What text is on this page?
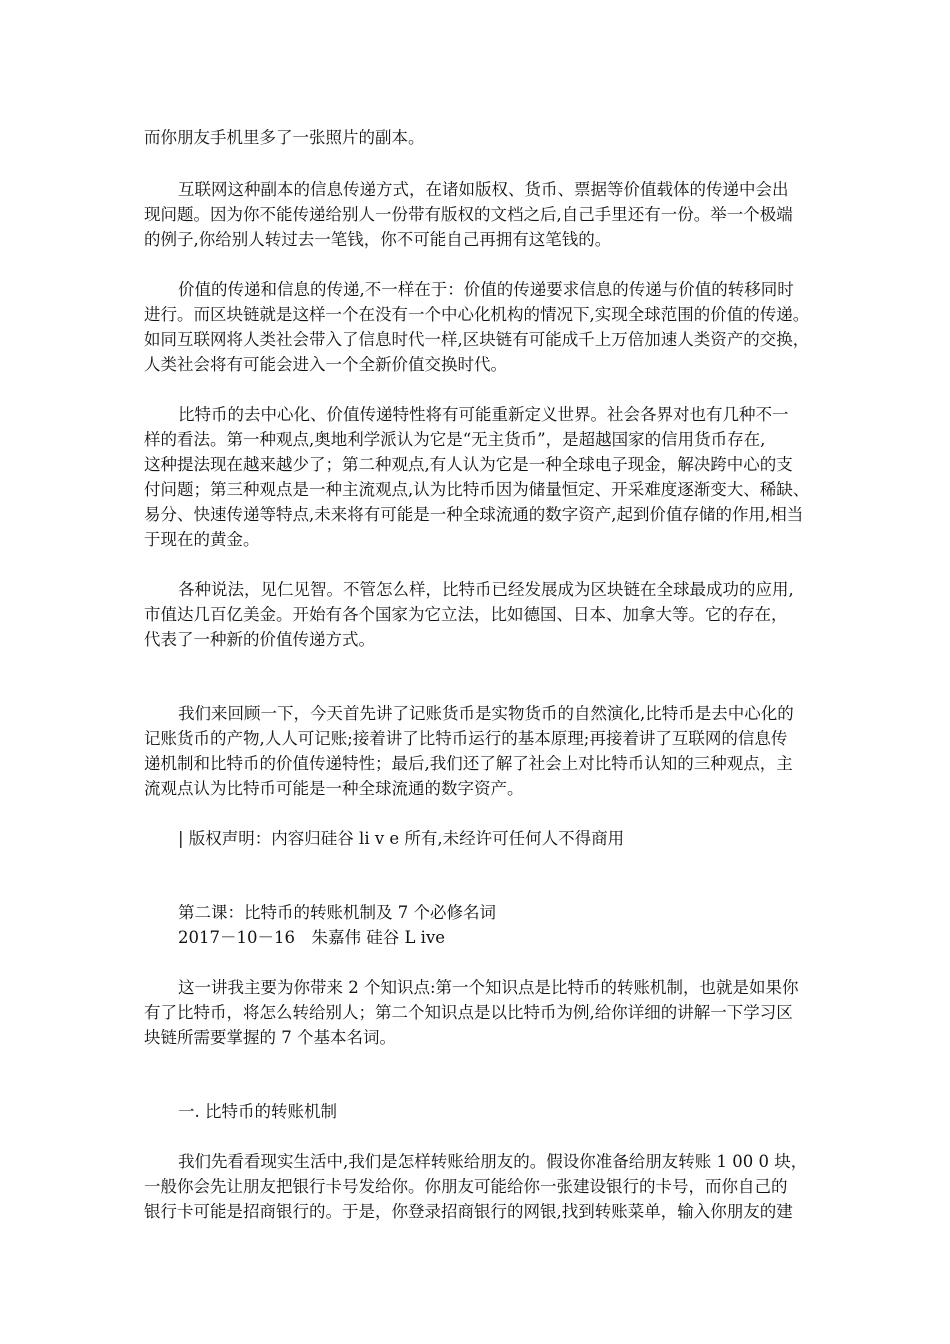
而你朋友手机里多了一张照片的副本。
互联网这种副本的信息传递方式，在诸如版权、货币、票据等价值载体的传递中会出
现问题。因为你不能传递给别人一份带有版权的文档之后,自己手里还有一份。举一个极端
的例子,你给别人转过去一笔钱，你不可能自己再拥有这笔钱的。
价值的传递和信息的传递,不一样在于：价值的传递要求信息的传递与价值的转移同时
进行。而区块链就是这样一个在没有一个中心化机构的情况下,实现全球范围的价值的传递。
如同互联网将人类社会带入了信息时代一样,区块链有可能成千上万倍加速人类资产的交换，
人类社会将有可能会进入一个全新价值交换时代。
比特币的去中心化、价值传递特性将有可能重新定义世界。社会各界对也有几种不一
样的看法。第一种观点,奥地利学派认为它是“无主货币”，是超越国家的信用货币存在,
这种提法现在越来越少了；第二种观点,有人认为它是一种全球电子现金，解决跨中心的支
付问题；第三种观点是一种主流观点,认为比特币因为储量恒定、开采难度逐渐变大、稀缺、
易分、快速传递等特点,未来将有可能是一种全球流通的数字资产,起到价值存储的作用,相当
于现在的黄金。
各种说法，见仁见智。不管怎么样，比特币已经发展成为区块链在全球最成功的应用,
市值达几百亿美金。开始有各个国家为它立法，比如德国、日本、加拿大等。它的存在，
代表了一种新的价值传递方式。
我们来回顾一下，今天首先讲了记账货币是实物货币的自然演化,比特币是去中心化的
记账货币的产物,人人可记账;接着讲了比特币运行的基本原理;再接着讲了互联网的信息传
递机制和比特币的价值传递特性；最后,我们还了解了社会上对比特币认知的三种观点，主
流观点认为比特币可能是一种全球流通的数字资产。
| 版权声明：内容归硅谷 li v e 所有,未经许可任何人不得商用
第二课：比特币的转账机制及 7 个必修名词
2017－10－16　朱嘉伟 硅谷 L ive
这一讲我主要为你带来 2 个知识点:第一个知识点是比特币的转账机制，也就是如果你
有了比特币，将怎么转给别人；第二个知识点是以比特币为例,给你详细的讲解一下学习区
块链所需要掌握的 7 个基本名词。
一. 比特币的转账机制
我们先看看现实生活中,我们是怎样转账给朋友的。假设你准备给朋友转账 1 00 0 块，
一般你会先让朋友把银行卡号发给你。你朋友可能给你一张建设银行的卡号，而你自己的
银行卡可能是招商银行的。于是，你登录招商银行的网银,找到转账菜单，输入你朋友的建
